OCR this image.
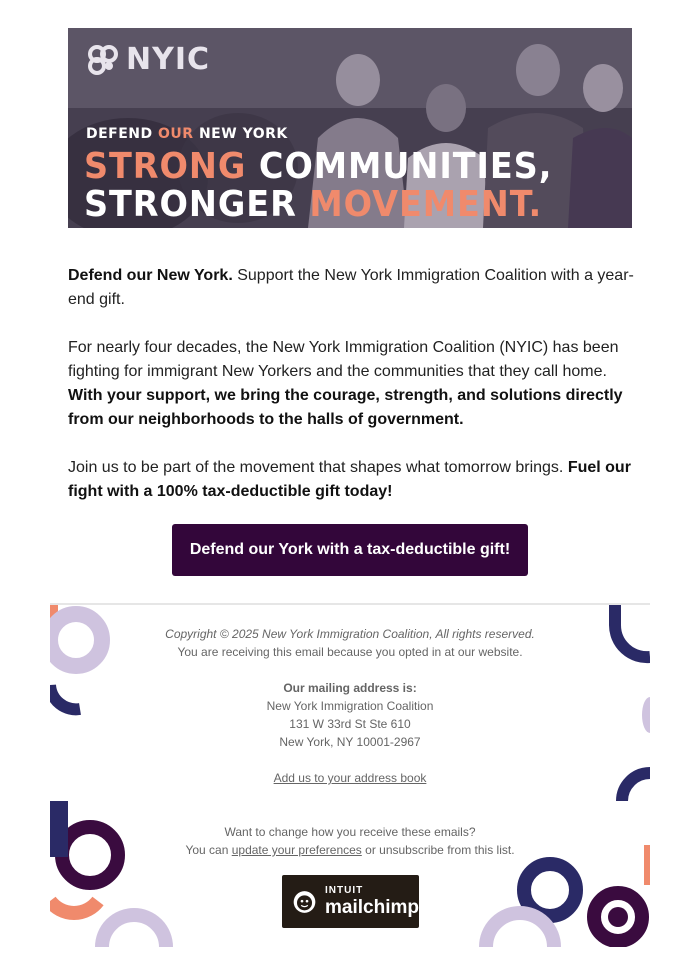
NYIC
DEFEND OUR NEW YORK
STRONG COMMUNITIES,
STRONGER MOVEMENT.

Defend our New York. Support the New York Immigration Coalition with a year-end gift.

For nearly four decades, the New York Immigration Coalition (NYIC) has been fighting for immigrant New Yorkers and the communities that they call home. With your support, we bring the courage, strength, and solutions directly from our neighborhoods to the halls of government.

Join us to be part of the movement that shapes what tomorrow brings. Fuel our fight with a 100% tax-deductible gift today!

Defend our York with a tax-deductible gift!
Copyright © 2025 New York Immigration Coalition, All rights reserved.
You are receiving this email because you opted in at our website.
Our mailing address is:
New York Immigration Coalition
131 W 33rd St Ste 610
New York, NY 10001-2967
Add us to your address book
Want to change how you receive these emails?
You can update your preferences or unsubscribe from this list.
INTUIT
mailchimp
